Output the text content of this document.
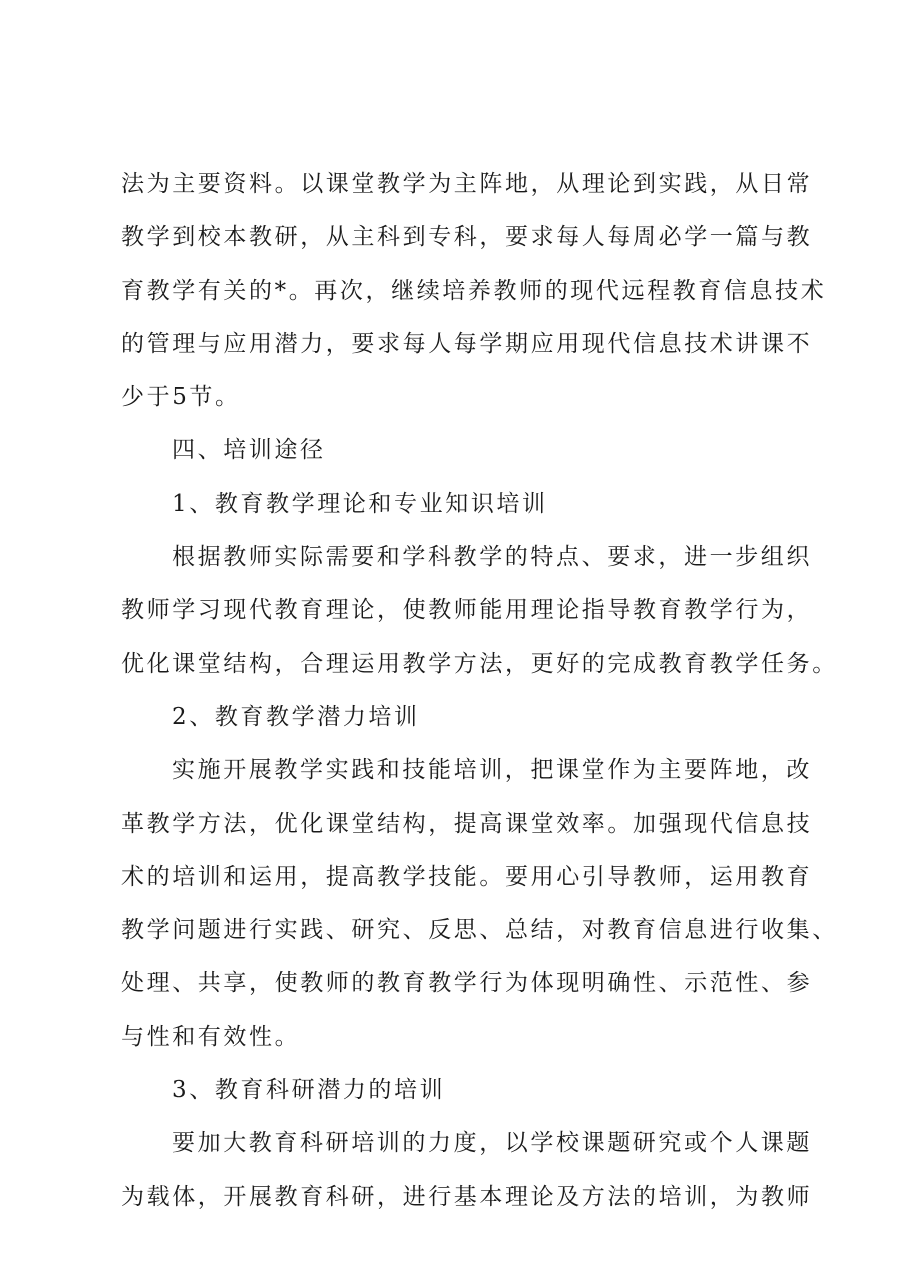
法为主要资料。以课堂教学为主阵地，从理论到实践，从日常
教学到校本教研，从主科到专科，要求每人每周必学一篇与教
育教学有关的*。再次，继续培养教师的现代远程教育信息技术
的管理与应用潜力，要求每人每学期应用现代信息技术讲课不
少于5节。
四、培训途径
1、教育教学理论和专业知识培训
根据教师实际需要和学科教学的特点、要求，进一步组织
教师学习现代教育理论，使教师能用理论指导教育教学行为，
优化课堂结构，合理运用教学方法，更好的完成教育教学任务。
2、教育教学潜力培训
实施开展教学实践和技能培训，把课堂作为主要阵地，改
革教学方法，优化课堂结构，提高课堂效率。加强现代信息技
术的培训和运用，提高教学技能。要用心引导教师，运用教育
教学问题进行实践、研究、反思、总结，对教育信息进行收集、
处理、共享，使教师的教育教学行为体现明确性、示范性、参
与性和有效性。
3、教育科研潜力的培训
要加大教育科研培训的力度，以学校课题研究或个人课题
为载体，开展教育科研，进行基本理论及方法的培训，为教师
